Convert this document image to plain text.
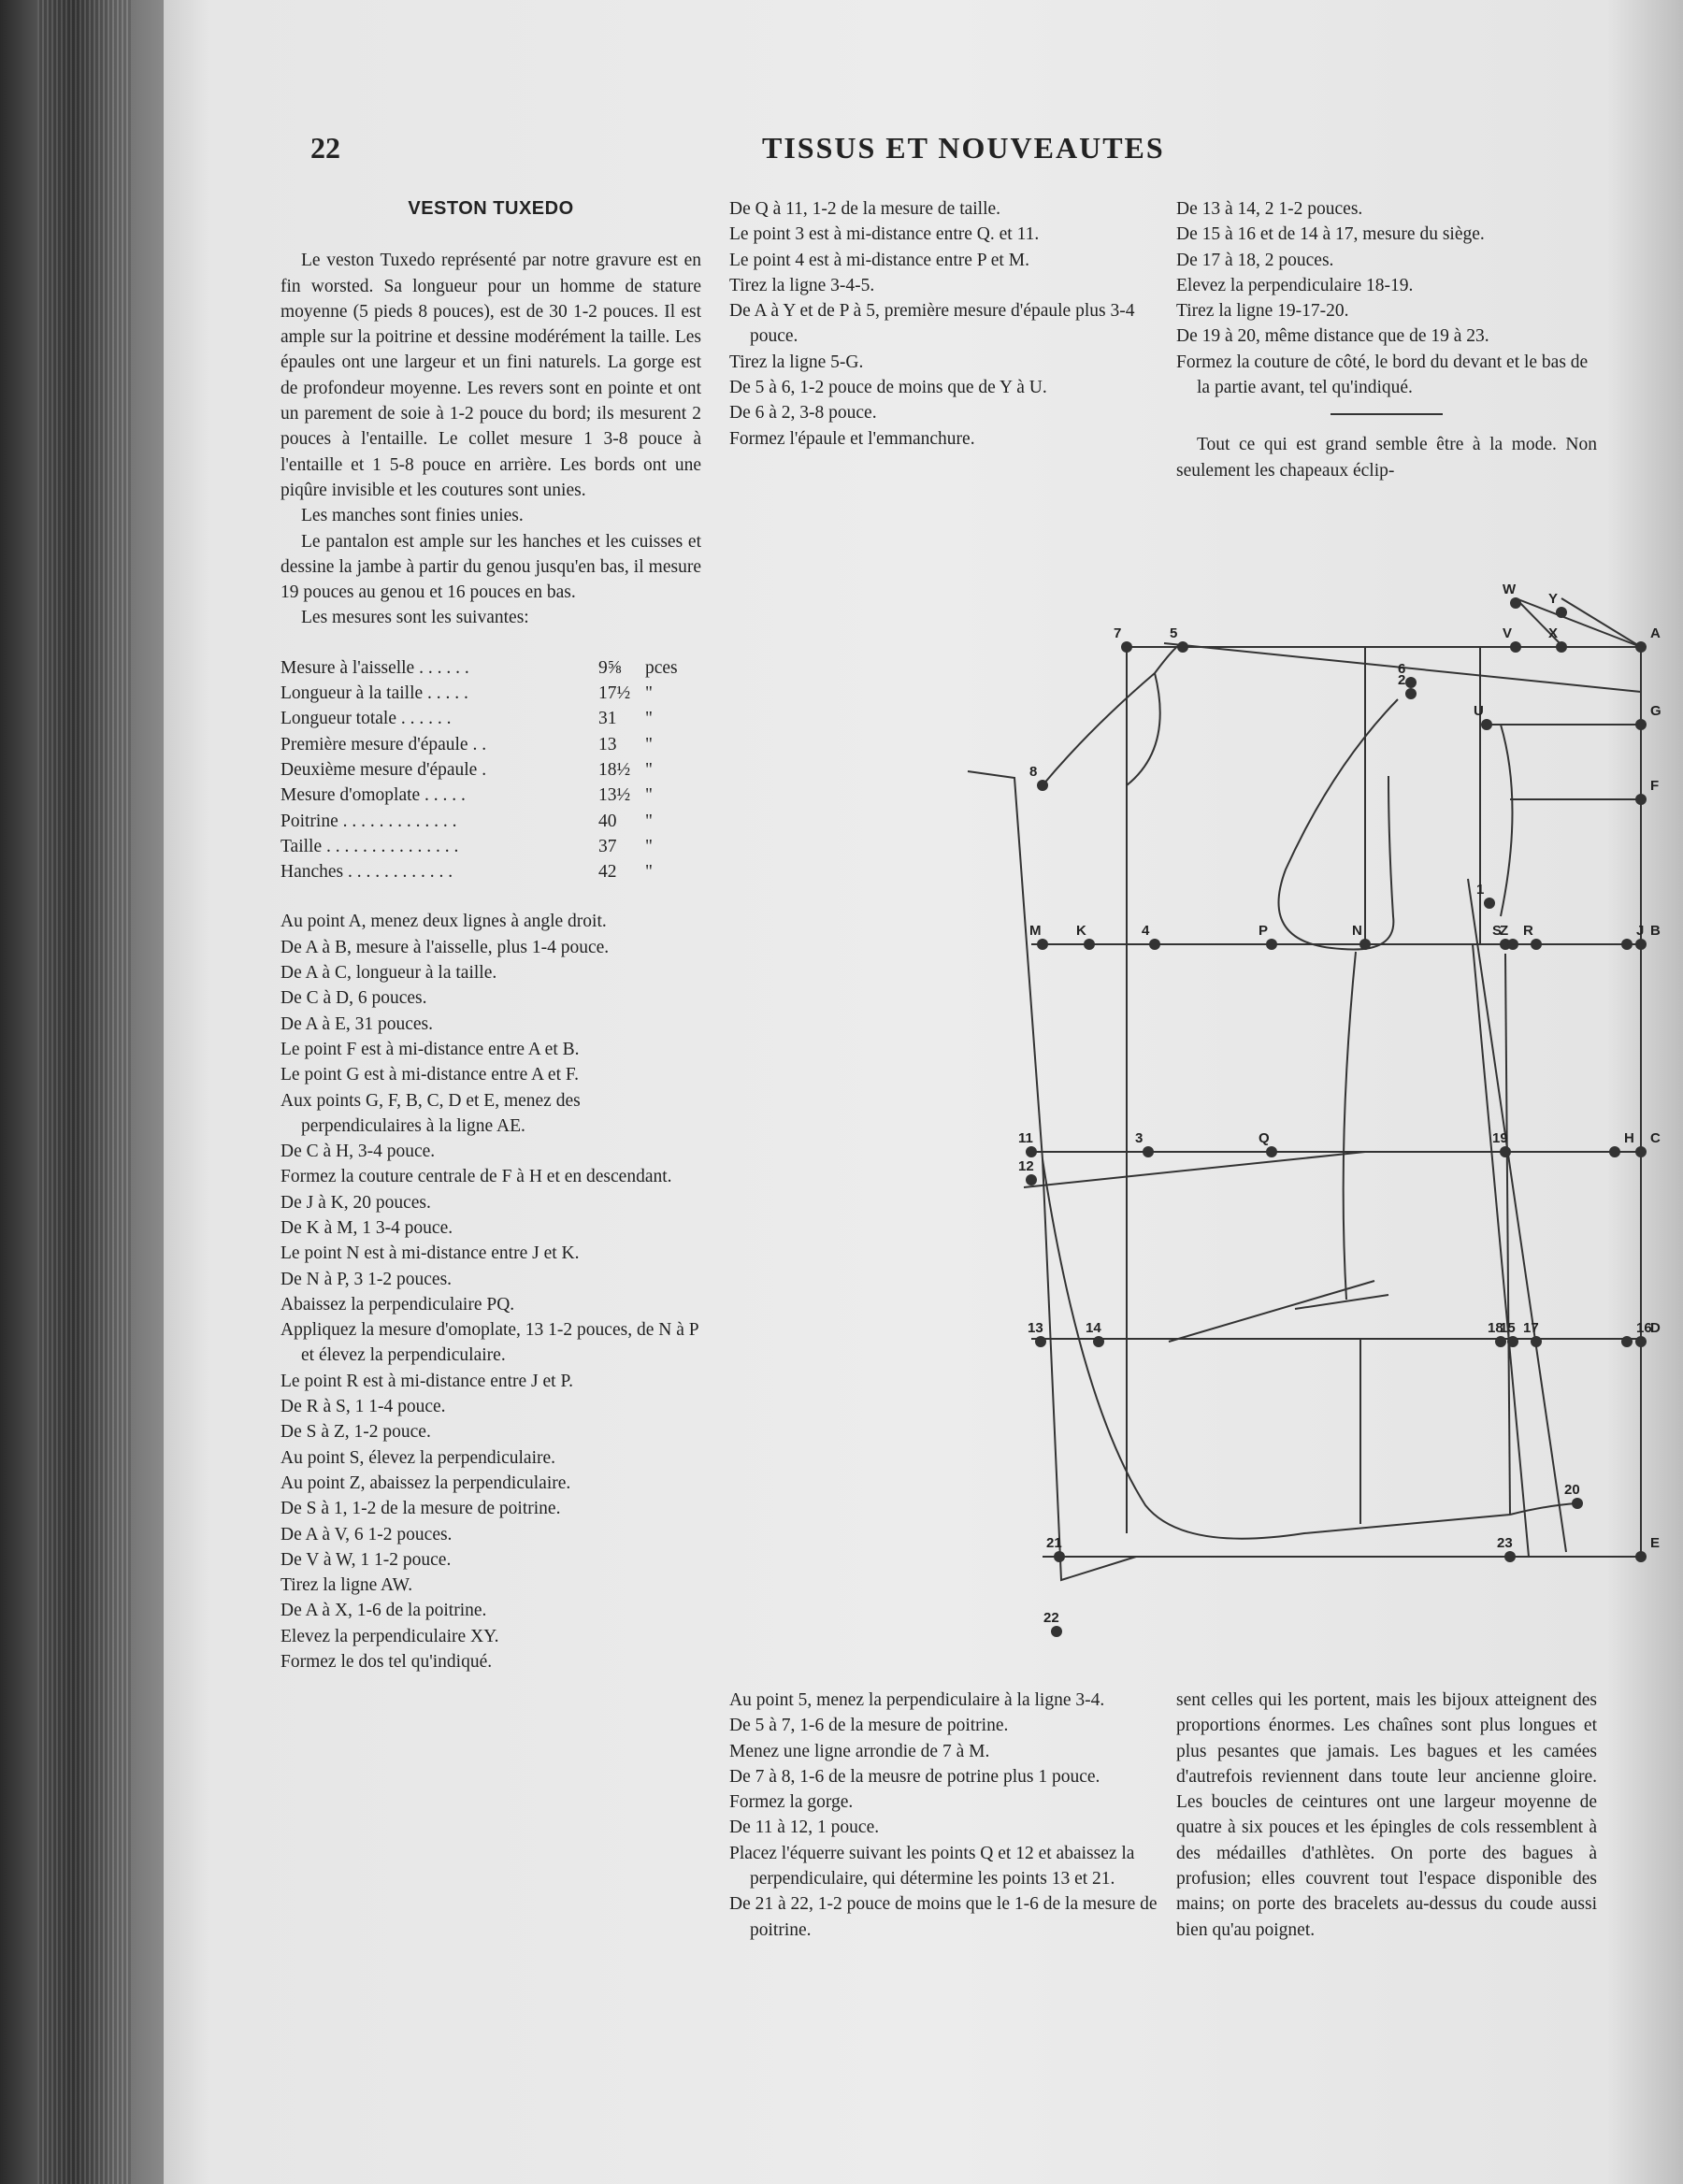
22	TISSUS ET NOUVEAUTES

VESTON TUXEDO

Le veston Tuxedo représenté par notre gravure est en fin worsted. Sa longueur pour un homme de stature moyenne (5 pieds 8 pouces), est de 30 1-2 pouces. Il est ample sur la poitrine et dessine modérément la taille. Les épaules ont une largeur et un fini naturels. La gorge est de profondeur moyenne. Les revers sont en pointe et ont un parement de soie à 1-2 pouce du bord; ils mesurent 2 pouces à l'entaille. Le collet mesure 1 3-8 pouce à l'entaille et 1 5-8 pouce en arrière. Les bords ont une piqûre invisible et les coutures sont unies.

Les manches sont finies unies.

Le pantalon est ample sur les hanches et les cuisses et dessine la jambe à partir du genou jusqu'en bas, il mesure 19 pouces au genou et 16 pouces en bas.

Les mesures sont les suivantes:

Mesure à l'aisselle . . . . . .	9⅝	pces
Longueur à la taille . . . . .	17½ "
Longueur totale . . . . . .	31	"
Première mesure d'épaule . .	13	"
Deuxième mesure d'épaule .	18½ "
Mesure d'omoplate . . . . .	13½ "
Poitrine . . . . . . . . . . . . .	40	"
Taille . . . . . . . . . . . . . . .	37	"
Hanches . . . . . . . . . . . .	42	"

Au point A, menez deux lignes à angle droit.

De A à B, mesure à l'aisselle, plus 1-4 pouce.

De A à C, longueur à la taille.

De C à D, 6 pouces.

De A à E, 31 pouces.

Le point F est à mi-distance entre A et B.

Le point G est à mi-distance entre A et F.

Aux points G, F, B, C, D et E, menez des perpendiculaires à la ligne AE.

De C à H, 3-4 pouce.

Formez la couture centrale de F à H et en descendant.

De J à K, 20 pouces.

De K à M, 1 3-4 pouce.

Le point N est à mi-distance entre J et K.

De N à P, 3 1-2 pouces.

Abaissez la perpendiculaire PQ.

Appliquez la mesure d'omoplate, 13 1-2 pouces, de N à P et élevez la perpendiculaire.

Le point R est à mi-distance entre J et P.

De R à S, 1 1-4 pouce.

De S à Z, 1-2 pouce.

Au point S, élevez la perpendiculaire.

Au point Z, abaissez la perpendiculaire.

De S à 1, 1-2 de la mesure de poitrine.

De A à V, 6 1-2 pouces.

De V à W, 1 1-2 pouce.

Tirez la ligne AW.

De A à X, 1-6 de la poitrine.

Elevez la perpendiculaire XY.

Formez le dos tel qu'indiqué.

De Q à 11, 1-2 de la mesure de taille.

Le point 3 est à mi-distance entre Q. et 11.

Le point 4 est à mi-distance entre P et M.

Tirez la ligne 3-4-5.

De A à Y et de P à 5, première mesure d'épaule plus 3-4 pouce.

Tirez la ligne 5-G.

De 5 à 6, 1-2 pouce de moins que de Y à U.

De 6 à 2, 3-8 pouce.

Formez l'épaule et l'emmanchure.

De 13 à 14, 2 1-2 pouces.

De 15 à 16 et de 14 à 17, mesure du siège.

De 17 à 18, 2 pouces.

Elevez la perpendiculaire 18-19.

Tirez la ligne 19-17-20.

De 19 à 20, même distance que de 19 à 23.

Formez la couture de côté, le bord du devant et le bas de la partie avant, tel qu'indiqué.

Tout ce qui est grand semble être à la mode. Non seulement les chapeaux éclip-

W
Y
V	X	A
7	5
6
2
U	G
8
F
1
M	K	4	P	N	S
Z R	J B
11	3	Q	19	H C
12
14
13	18
15 17	16
D
21
22
20
E
23

Au point 5, menez la perpendiculaire à la ligne 3-4.

De 5 à 7, 1-6 de la mesure de poitrine.

Menez une ligne arrondie de 7 à M.

De 7 à 8, 1-6 de la meusre de potrine plus 1 pouce.

Formez la gorge.

De 11 à 12, 1 pouce.

Placez l'équerre suivant les points Q et 12 et abaissez la perpendiculaire, qui détermine les points 13 et 21.

De 21 à 22, 1-2 pouce de moins que le 1-6 de la mesure de poitrine.

sent celles qui les portent, mais les bijoux atteignent des proportions énormes. Les chaînes sont plus longues et plus pesantes que jamais. Les bagues et les camées d'autrefois reviennent dans toute leur ancienne gloire. Les boucles de ceintures ont une largeur moyenne de quatre à six pouces et les épingles de cols ressemblent à des médailles d'athlètes. On porte des bagues à profusion; elles couvrent tout l'espace disponible des mains; on porte des bracelets au-dessus du coude aussi bien qu'au poignet.
